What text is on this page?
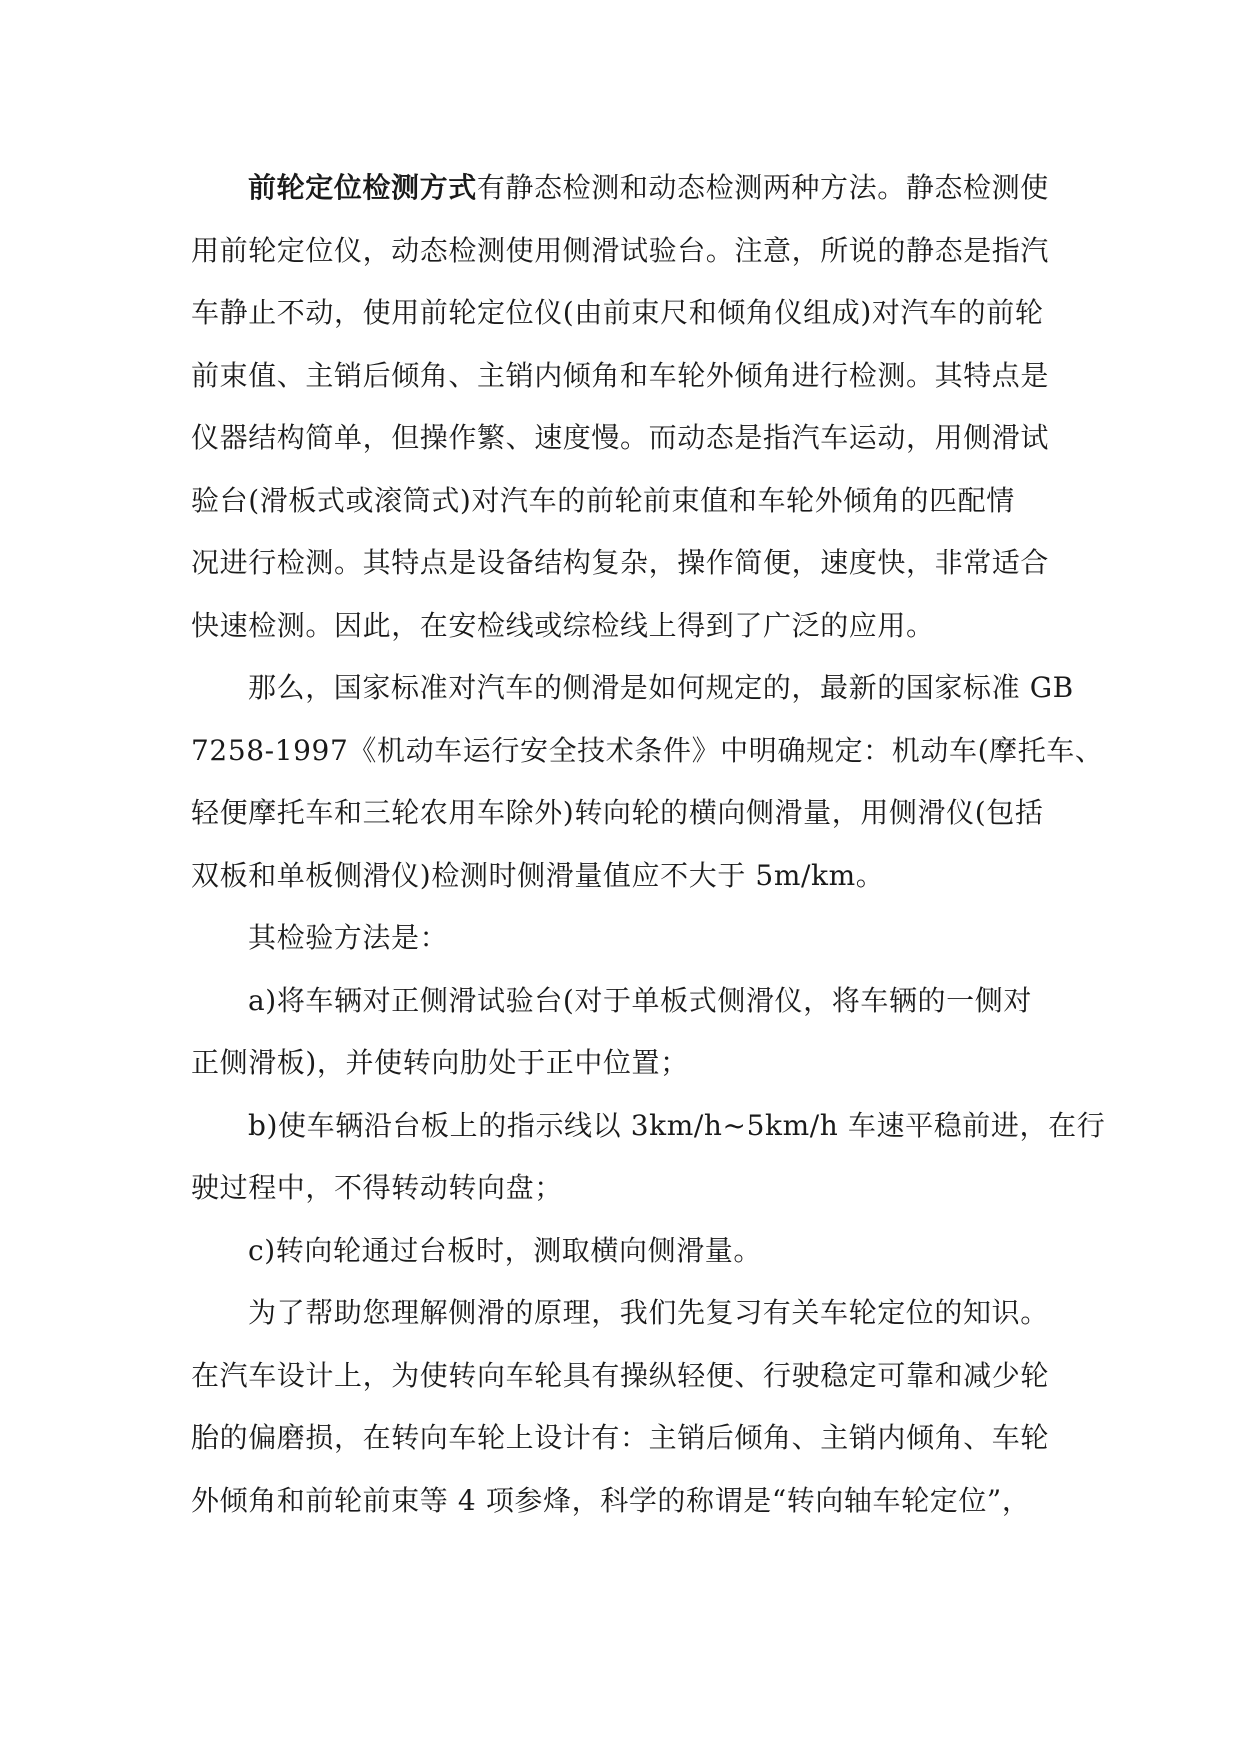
前轮定位检测方式有静态检测和动态检测两种方法。静态检测使
用前轮定位仪，动态检测使用侧滑试验台。注意，所说的静态是指汽
车静止不动，使用前轮定位仪(由前束尺和倾角仪组成)对汽车的前轮
前束值、主销后倾角、主销内倾角和车轮外倾角进行检测。其特点是
仪器结构简单，但操作繁、速度慢。而动态是指汽车运动，用侧滑试
验台(滑板式或滚筒式)对汽车的前轮前束值和车轮外倾角的匹配情
况进行检测。其特点是设备结构复杂，操作简便，速度快，非常适合
快速检测。因此，在安检线或综检线上得到了广泛的应用。
那么，国家标准对汽车的侧滑是如何规定的，最新的国家标准 GB
7258-1997《机动车运行安全技术条件》中明确规定：机动车(摩托车、
轻便摩托车和三轮农用车除外)转向轮的横向侧滑量，用侧滑仪(包括
双板和单板侧滑仪)检测时侧滑量值应不大于 5m/km。
其检验方法是：
a)将车辆对正侧滑试验台(对于单板式侧滑仪，将车辆的一侧对
正侧滑板)，并使转向肋处于正中位置；
b)使车辆沿台板上的指示线以 3km/h~5km/h 车速平稳前进，在行
驶过程中，不得转动转向盘；
c)转向轮通过台板时，测取横向侧滑量。
为了帮助您理解侧滑的原理，我们先复习有关车轮定位的知识。
在汽车设计上，为使转向车轮具有操纵轻便、行驶稳定可靠和减少轮
胎的偏磨损，在转向车轮上设计有：主销后倾角、主销内倾角、车轮
外倾角和前轮前束等 4 项参烽，科学的称谓是“转向轴车轮定位”，
